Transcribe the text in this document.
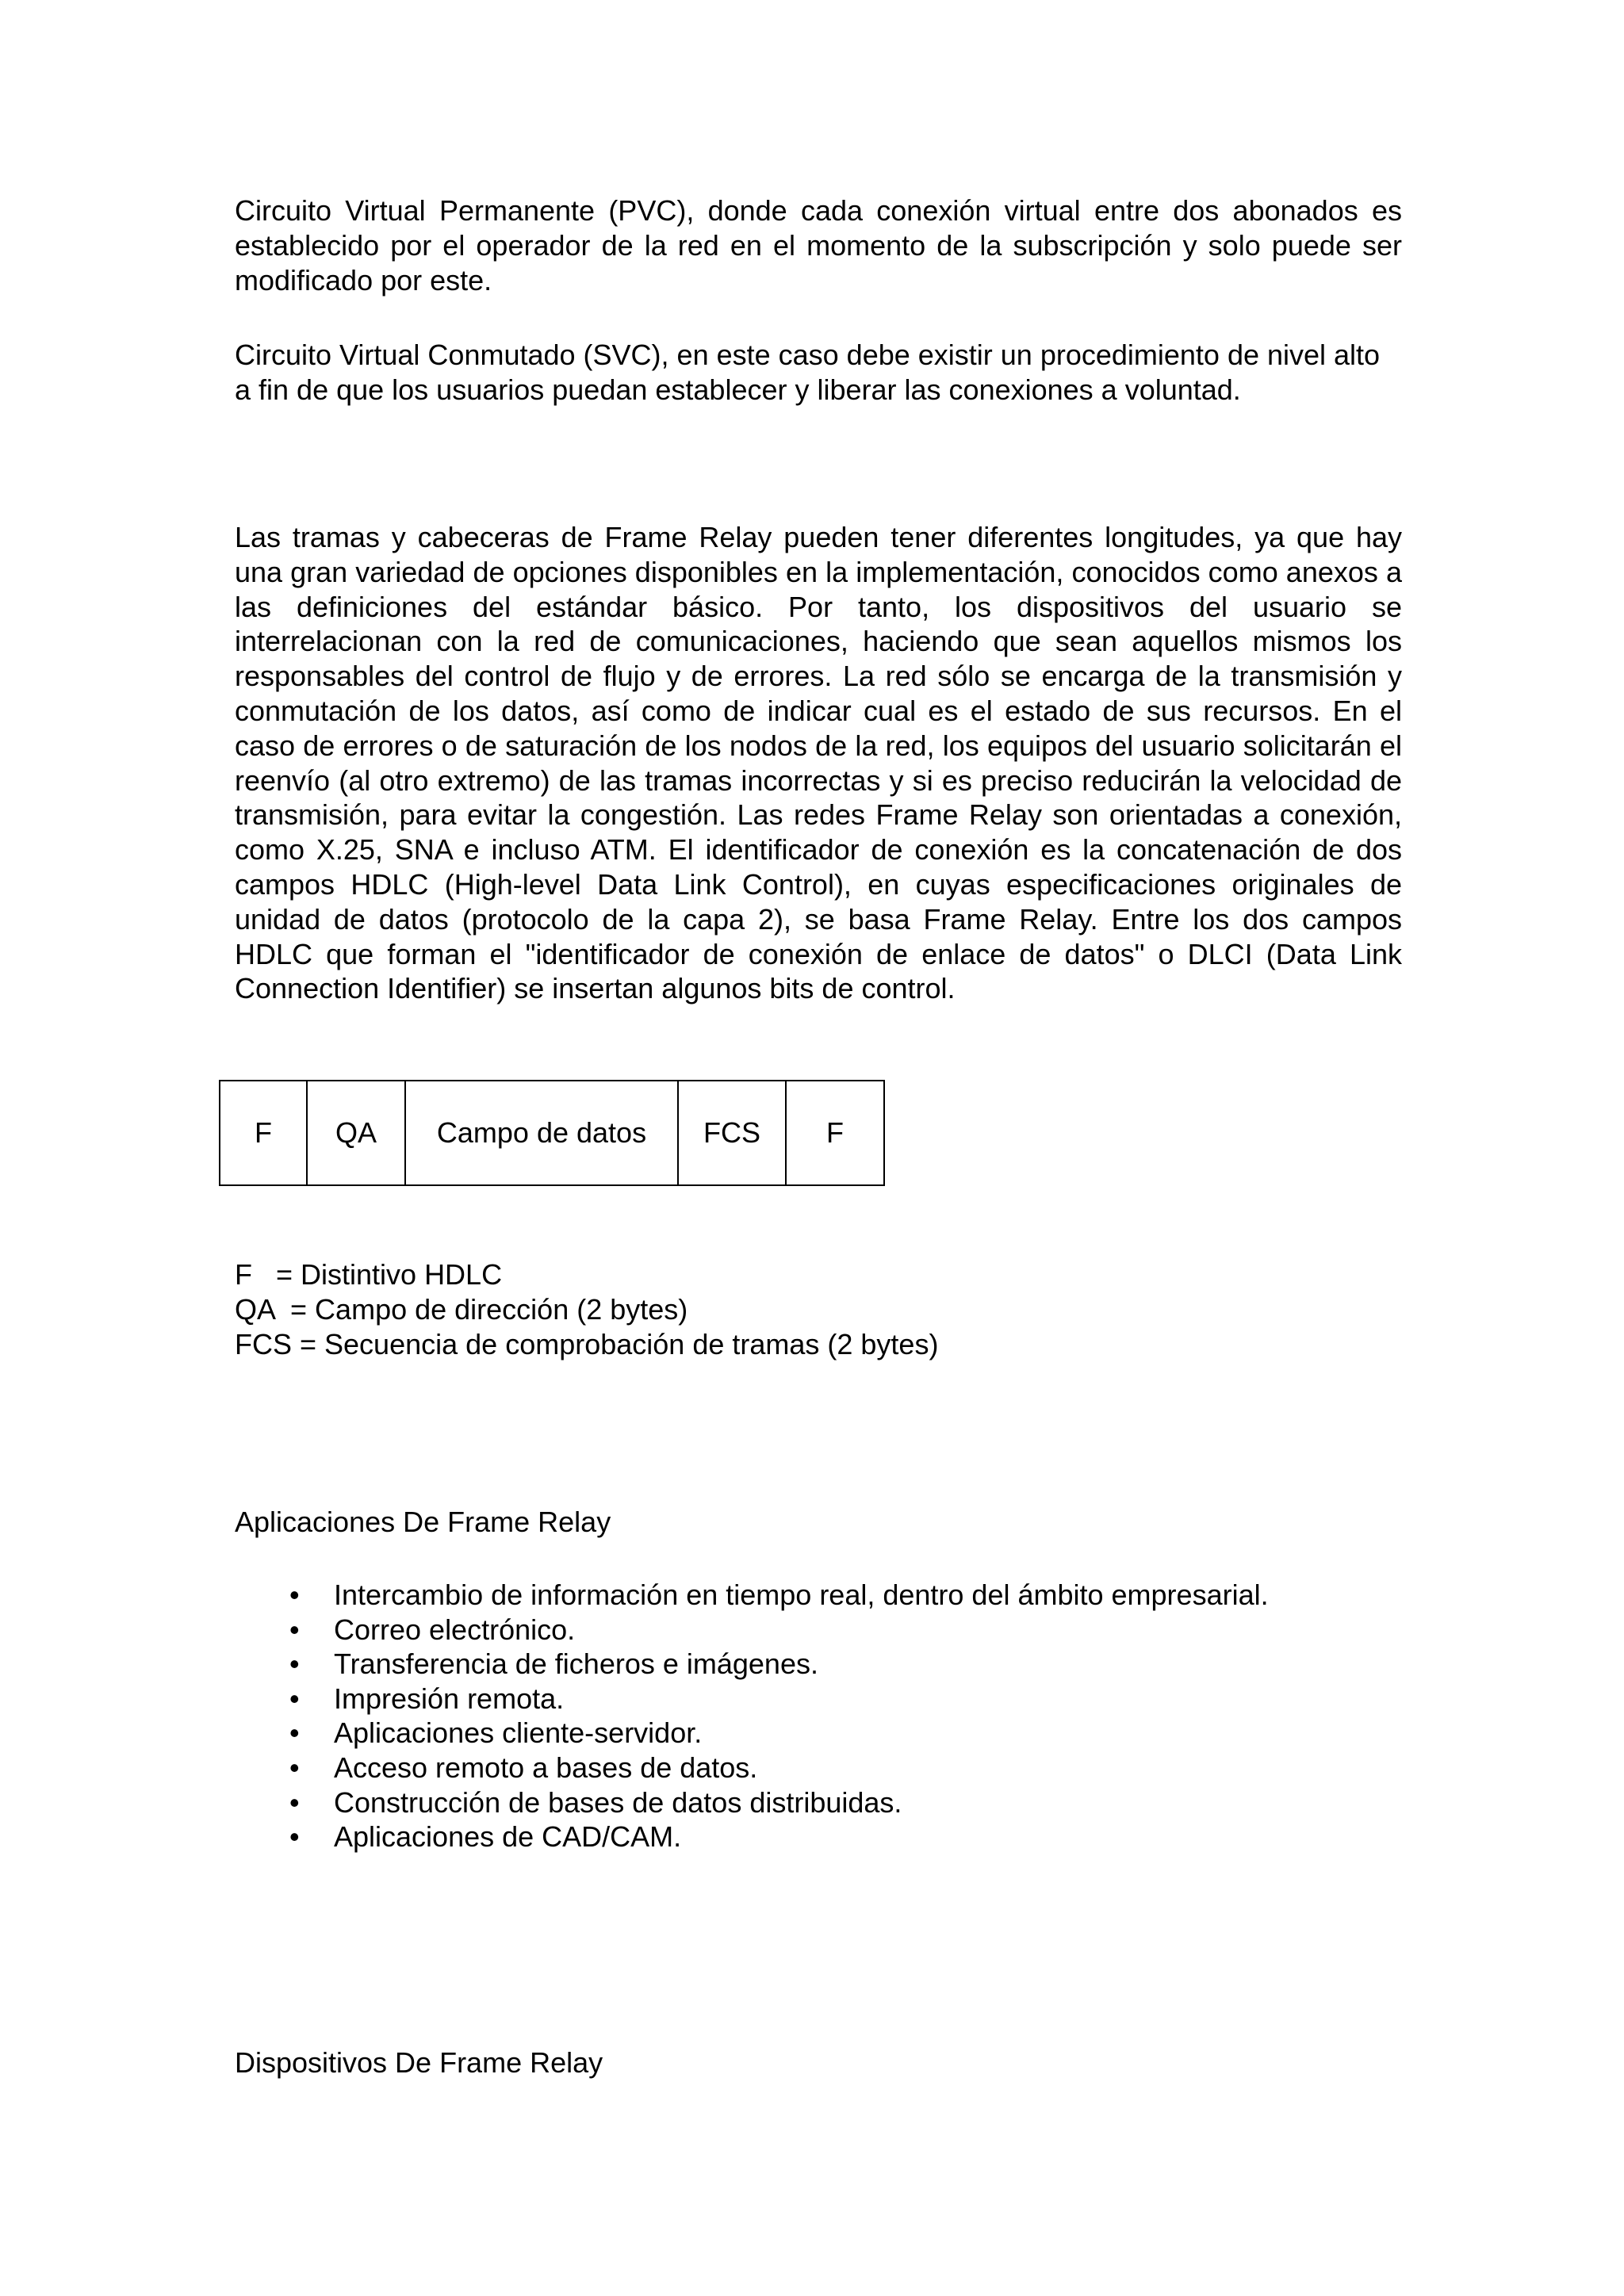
Circuito Virtual Permanente (PVC), donde cada conexión virtual entre dos abonados es establecido por el operador de la red en el momento de la subscripción y solo puede ser modificado por este.

Circuito Virtual Conmutado (SVC), en este caso debe existir un procedimiento de nivel alto a fin de que los usuarios puedan establecer y liberar las conexiones a voluntad.

Las tramas y cabeceras de Frame Relay pueden tener diferentes longitudes, ya que hay una gran variedad de opciones disponibles en la implementación, conocidos como anexos a las definiciones del estándar básico. Por tanto, los dispositivos del usuario se interrelacionan con la red de comunicaciones, haciendo que sean aquellos mismos los responsables del control de flujo y de errores. La red sólo se encarga de la transmisión y conmutación de los datos, así como de indicar cual es el estado de sus recursos. En el caso de errores o de saturación de los nodos de la red, los equipos del usuario solicitarán el reenvío (al otro extremo) de las tramas incorrectas y si es preciso reducirán la velocidad de transmisión, para evitar la congestión. Las redes Frame Relay son orientadas a conexión, como X.25, SNA e incluso ATM. El identificador de conexión es la concatenación de dos campos HDLC (High-level Data Link Control), en cuyas especificaciones originales de unidad de datos (protocolo de la capa 2), se basa Frame Relay. Entre los dos campos HDLC que forman el "identificador de conexión de enlace de datos" o DLCI (Data Link Connection Identifier) se insertan algunos bits de control.

F	QA	Campo de datos	FCS	F
F   = Distintivo HDLC
QA  = Campo de dirección (2 bytes)
FCS = Secuencia de comprobación de tramas (2 bytes)

Aplicaciones De Frame Relay

• Intercambio de información en tiempo real, dentro del ámbito empresarial.
• Correo electrónico.
• Transferencia de ficheros e imágenes.
• Impresión remota.
• Aplicaciones cliente-servidor.
• Acceso remoto a bases de datos.
• Construcción de bases de datos distribuidas.
• Aplicaciones de CAD/CAM.

Dispositivos De Frame Relay
